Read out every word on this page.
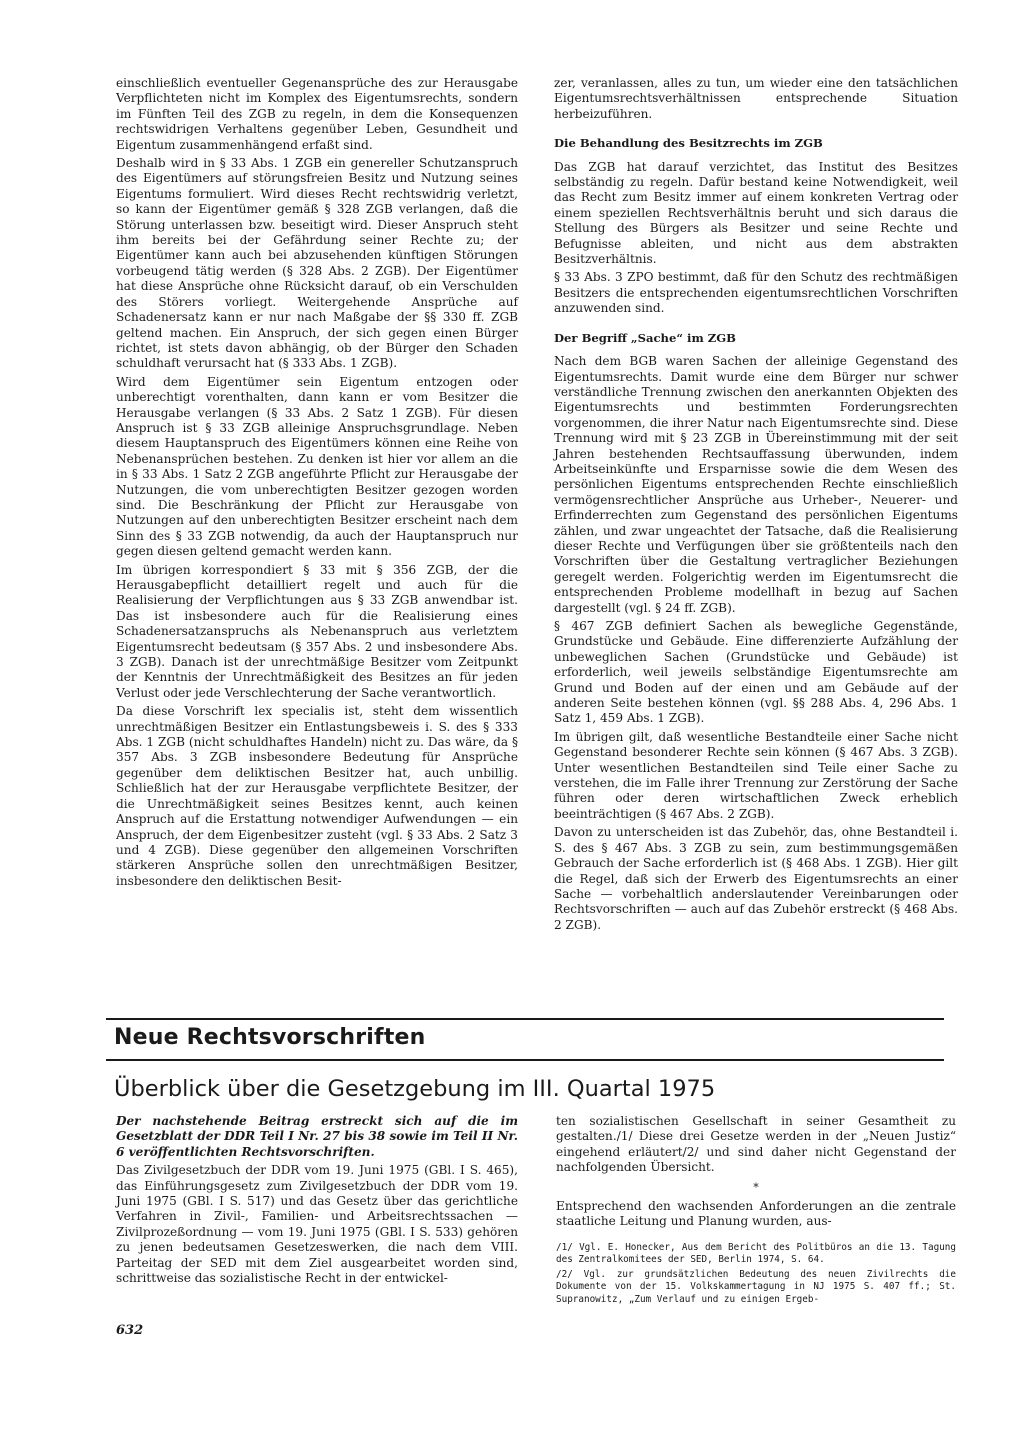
einschließlich eventueller Gegenansprüche des zur Herausgabe Verpflichteten nicht im Komplex des Eigentumsrechts, sondern im Fünften Teil des ZGB zu regeln, in dem die Konsequenzen rechtswidrigen Verhaltens gegenüber Leben, Gesundheit und Eigentum zusammenhängend erfaßt sind.

Deshalb wird in § 33 Abs. 1 ZGB ein genereller Schutzanspruch des Eigentümers auf störungsfreien Besitz und Nutzung seines Eigentums formuliert. Wird dieses Recht rechtswidrig verletzt, so kann der Eigentümer gemäß § 328 ZGB verlangen, daß die Störung unterlassen bzw. beseitigt wird. Dieser Anspruch steht ihm bereits bei der Gefährdung seiner Rechte zu; der Eigentümer kann auch bei abzusehenden künftigen Störungen vorbeugend tätig werden (§ 328 Abs. 2 ZGB). Der Eigentümer hat diese Ansprüche ohne Rücksicht darauf, ob ein Verschulden des Störers vorliegt. Weitergehende Ansprüche auf Schadenersatz kann er nur nach Maßgabe der §§ 330 ff. ZGB geltend machen. Ein Anspruch, der sich gegen einen Bürger richtet, ist stets davon abhängig, ob der Bürger den Schaden schuldhaft verursacht hat (§ 333 Abs. 1 ZGB).

Wird dem Eigentümer sein Eigentum entzogen oder unberechtigt vorenthalten, dann kann er vom Besitzer die Herausgabe verlangen (§ 33 Abs. 2 Satz 1 ZGB). Für diesen Anspruch ist § 33 ZGB alleinige Anspruchsgrundlage. Neben diesem Hauptanspruch des Eigentümers können eine Reihe von Nebenansprüchen bestehen. Zu denken ist hier vor allem an die in § 33 Abs. 1 Satz 2 ZGB angeführte Pflicht zur Herausgabe der Nutzungen, die vom unberechtigten Besitzer gezogen worden sind. Die Beschränkung der Pflicht zur Herausgabe von Nutzungen auf den unberechtigten Besitzer erscheint nach dem Sinn des § 33 ZGB notwendig, da auch der Hauptanspruch nur gegen diesen geltend gemacht werden kann.

Im übrigen korrespondiert § 33 mit § 356 ZGB, der die Herausgabepflicht detailliert regelt und auch für die Realisierung der Verpflichtungen aus § 33 ZGB anwendbar ist. Das ist insbesondere auch für die Realisierung eines Schadenersatzanspruchs als Nebenanspruch aus verletztem Eigentumsrecht bedeutsam (§ 357 Abs. 2 und insbesondere Abs. 3 ZGB). Danach ist der unrechtmäßige Besitzer vom Zeitpunkt der Kenntnis der Unrechtmäßigkeit des Besitzes an für jeden Verlust oder jede Verschlechterung der Sache verantwortlich.

Da diese Vorschrift lex specialis ist, steht dem wissentlich unrechtmäßigen Besitzer ein Entlastungsbeweis i. S. des § 333 Abs. 1 ZGB (nicht schuldhaftes Handeln) nicht zu. Das wäre, da § 357 Abs. 3 ZGB insbesondere Bedeutung für Ansprüche gegenüber dem deliktischen Besitzer hat, auch unbillig. Schließlich hat der zur Herausgabe verpflichtete Besitzer, der die Unrechtmäßigkeit seines Besitzes kennt, auch keinen Anspruch auf die Erstattung notwendiger Aufwendungen — ein Anspruch, der dem Eigenbesitzer zusteht (vgl. § 33 Abs. 2 Satz 3 und 4 ZGB). Diese gegenüber den allgemeinen Vorschriften stärkeren Ansprüche sollen den unrechtmäßigen Besitzer, insbesondere den deliktischen Besit-

zer, veranlassen, alles zu tun, um wieder eine den tatsächlichen Eigentumsrechtsverhältnissen entsprechende Situation herbeizuführen.

Die Behandlung des Besitzrechts im ZGB

Das ZGB hat darauf verzichtet, das Institut des Besitzes selbständig zu regeln. Dafür bestand keine Notwendigkeit, weil das Recht zum Besitz immer auf einem konkreten Vertrag oder einem speziellen Rechtsverhältnis beruht und sich daraus die Stellung des Bürgers als Besitzer und seine Rechte und Befugnisse ableiten, und nicht aus dem abstrakten Besitzverhältnis.

§ 33 Abs. 3 ZPO bestimmt, daß für den Schutz des rechtmäßigen Besitzers die entsprechenden eigentumsrechtlichen Vorschriften anzuwenden sind.

Der Begriff „Sache“ im ZGB

Nach dem BGB waren Sachen der alleinige Gegenstand des Eigentumsrechts. Damit wurde eine dem Bürger nur schwer verständliche Trennung zwischen den anerkannten Objekten des Eigentumsrechts und bestimmten Forderungsrechten vorgenommen, die ihrer Natur nach Eigentumsrechte sind. Diese Trennung wird mit § 23 ZGB in Übereinstimmung mit der seit Jahren bestehenden Rechtsauffassung überwunden, indem Arbeitseinkünfte und Ersparnisse sowie die dem Wesen des persönlichen Eigentums entsprechenden Rechte einschließlich vermögensrechtlicher Ansprüche aus Urheber-, Neuerer- und Erfinderrechten zum Gegenstand des persönlichen Eigentums zählen, und zwar ungeachtet der Tatsache, daß die Realisierung dieser Rechte und Verfügungen über sie größtenteils nach den Vorschriften über die Gestaltung vertraglicher Beziehungen geregelt werden. Folgerichtig werden im Eigentumsrecht die entsprechenden Probleme modellhaft in bezug auf Sachen dargestellt (vgl. § 24 ff. ZGB).

§ 467 ZGB definiert Sachen als bewegliche Gegenstände, Grundstücke und Gebäude. Eine differenzierte Aufzählung der unbeweglichen Sachen (Grundstücke und Gebäude) ist erforderlich, weil jeweils selbständige Eigentumsrechte am Grund und Boden auf der einen und am Gebäude auf der anderen Seite bestehen können (vgl. §§ 288 Abs. 4, 296 Abs. 1 Satz 1, 459 Abs. 1 ZGB).

Im übrigen gilt, daß wesentliche Bestandteile einer Sache nicht Gegenstand besonderer Rechte sein können (§ 467 Abs. 3 ZGB). Unter wesentlichen Bestandteilen sind Teile einer Sache zu verstehen, die im Falle ihrer Trennung zur Zerstörung der Sache führen oder deren wirtschaftlichen Zweck erheblich beeinträchtigen (§ 467 Abs. 2 ZGB).

Davon zu unterscheiden ist das Zubehör, das, ohne Bestandteil i. S. des § 467 Abs. 3 ZGB zu sein, zum bestimmungsgemäßen Gebrauch der Sache erforderlich ist (§ 468 Abs. 1 ZGB). Hier gilt die Regel, daß sich der Erwerb des Eigentumsrechts an einer Sache — vorbehaltlich anderslautender Vereinbarungen oder Rechtsvorschriften — auch auf das Zubehör erstreckt (§ 468 Abs. 2 ZGB).

Neue Rechtsvorschriften
Überblick über die Gesetzgebung im III. Quartal 1975

Der nachstehende Beitrag erstreckt sich auf die im Gesetzblatt der DDR Teil I Nr. 27 bis 38 sowie im Teil II Nr. 6 veröffentlichten Rechtsvorschriften.

Das Zivilgesetzbuch der DDR vom 19. Juni 1975 (GBl. I S. 465), das Einführungsgesetz zum Zivilgesetzbuch der DDR vom 19. Juni 1975 (GBl. I S. 517) und das Gesetz über das gerichtliche Verfahren in Zivil-, Familien- und Arbeitsrechtssachen — Zivilprozeßordnung — vom 19. Juni 1975 (GBl. I S. 533) gehören zu jenen bedeutsamen Gesetzeswerken, die nach dem VIII. Parteitag der SED mit dem Ziel ausgearbeitet worden sind, schrittweise das sozialistische Recht in der entwickel-

ten sozialistischen Gesellschaft in seiner Gesamtheit zu gestalten./1/ Diese drei Gesetze werden in der „Neuen Justiz“ eingehend erläutert/2/ und sind daher nicht Gegenstand der nachfolgenden Übersicht.

*

Entsprechend den wachsenden Anforderungen an die zentrale staatliche Leitung und Planung wurden, aus-

/1/ Vgl. E. Honecker, Aus dem Bericht des Politbüros an die 13. Tagung des Zentralkomitees der SED, Berlin 1974, S. 64.

/2/ Vgl. zur grundsätzlichen Bedeutung des neuen Zivilrechts die Dokumente von der 15. Volkskammertagung in NJ 1975 S. 407 ff.; St. Supranowitz, „Zum Verlauf und zu einigen Ergeb-

632
